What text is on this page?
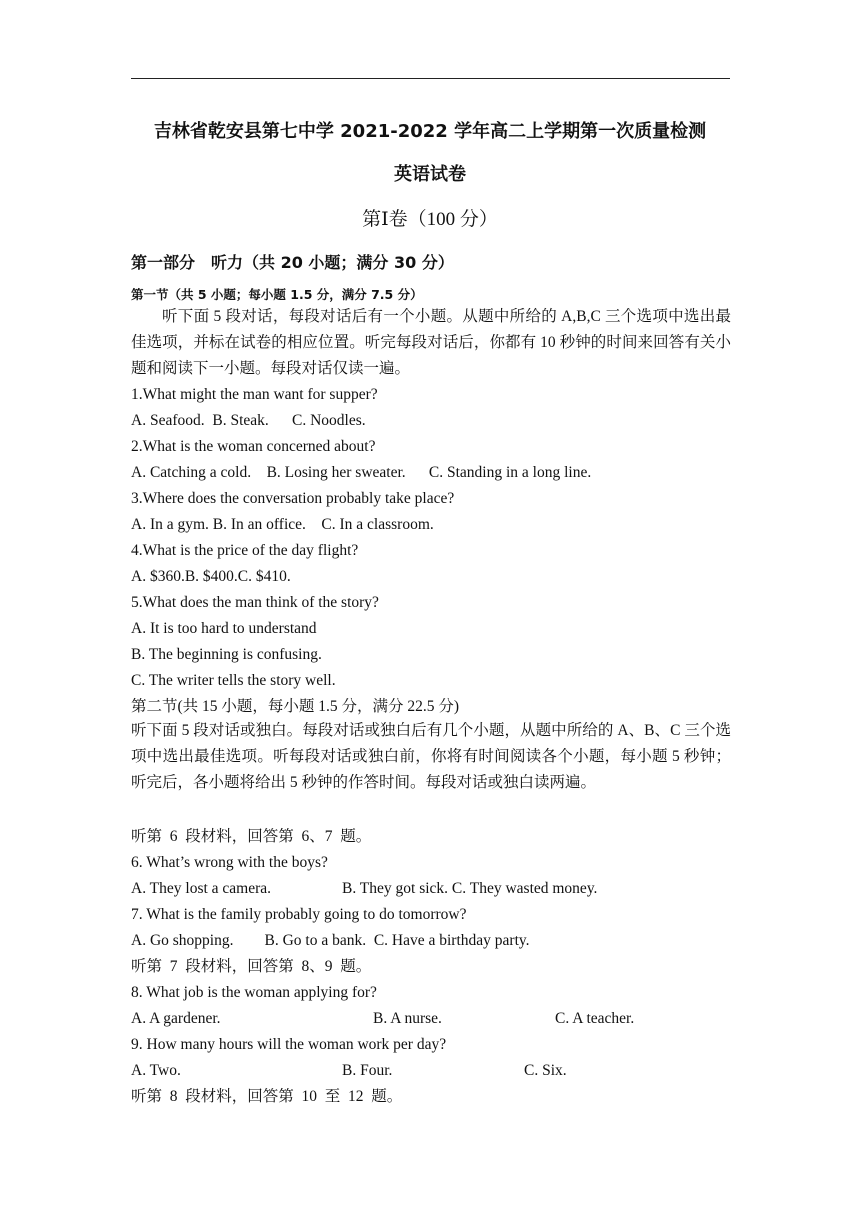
吉林省乾安县第七中学 2021-2022 学年高二上学期第一次质量检测
英语试卷
第Ⅰ卷（100 分）
第一部分　听力（共 20 小题；满分 30 分）
第一节（共 5 小题；每小题 1.5 分，满分 7.5 分）
听下面 5 段对话，每段对话后有一个小题。从题中所给的 A,B,C 三个选项中选出最佳选项，并标在试卷的相应位置。听完每段对话后，你都有 10 秒钟的时间来回答有关小题和阅读下一小题。每段对话仅读一遍。
1.What might the man want for supper?
A. Seafood.  B. Steak.      C. Noodles.
2.What is the woman concerned about?
A. Catching a cold.    B. Losing her sweater.      C. Standing in a long line.
3.Where does the conversation probably take place?
A. In a gym. B. In an office.    C. In a classroom.
4.What is the price of the day flight?
A. $360.B. $400.C. $410.
5.What does the man think of the story?
A. It is too hard to understand
B. The beginning is confusing.
C. The writer tells the story well.
第二节(共 15 小题，每小题 1.5 分，满分 22.5 分)
听下面 5 段对话或独白。每段对话或独白后有几个小题，从题中所给的 A、B、C 三个选项中选出最佳选项。听每段对话或独白前，你将有时间阅读各个小题，每小题 5 秒钟；听完后，各小题将给出 5 秒钟的作答时间。每段对话或独白读两遍。
听第  6  段材料，回答第  6、7  题。
6. What’s wrong with the boys?
A. They lost a camera.	B. They got sick. C. They wasted money.
7. What is the family probably going to do tomorrow?
A. Go shopping.        B. Go to a bank.  C. Have a birthday party.
听第  7  段材料，回答第  8、9  题。
8. What job is the woman applying for?
A. A gardener.	B. A nurse.	C. A teacher.
9. How many hours will the woman work per day?
A. Two.	B. Four.	C. Six.
听第  8  段材料，回答第  10  至  12  题。
